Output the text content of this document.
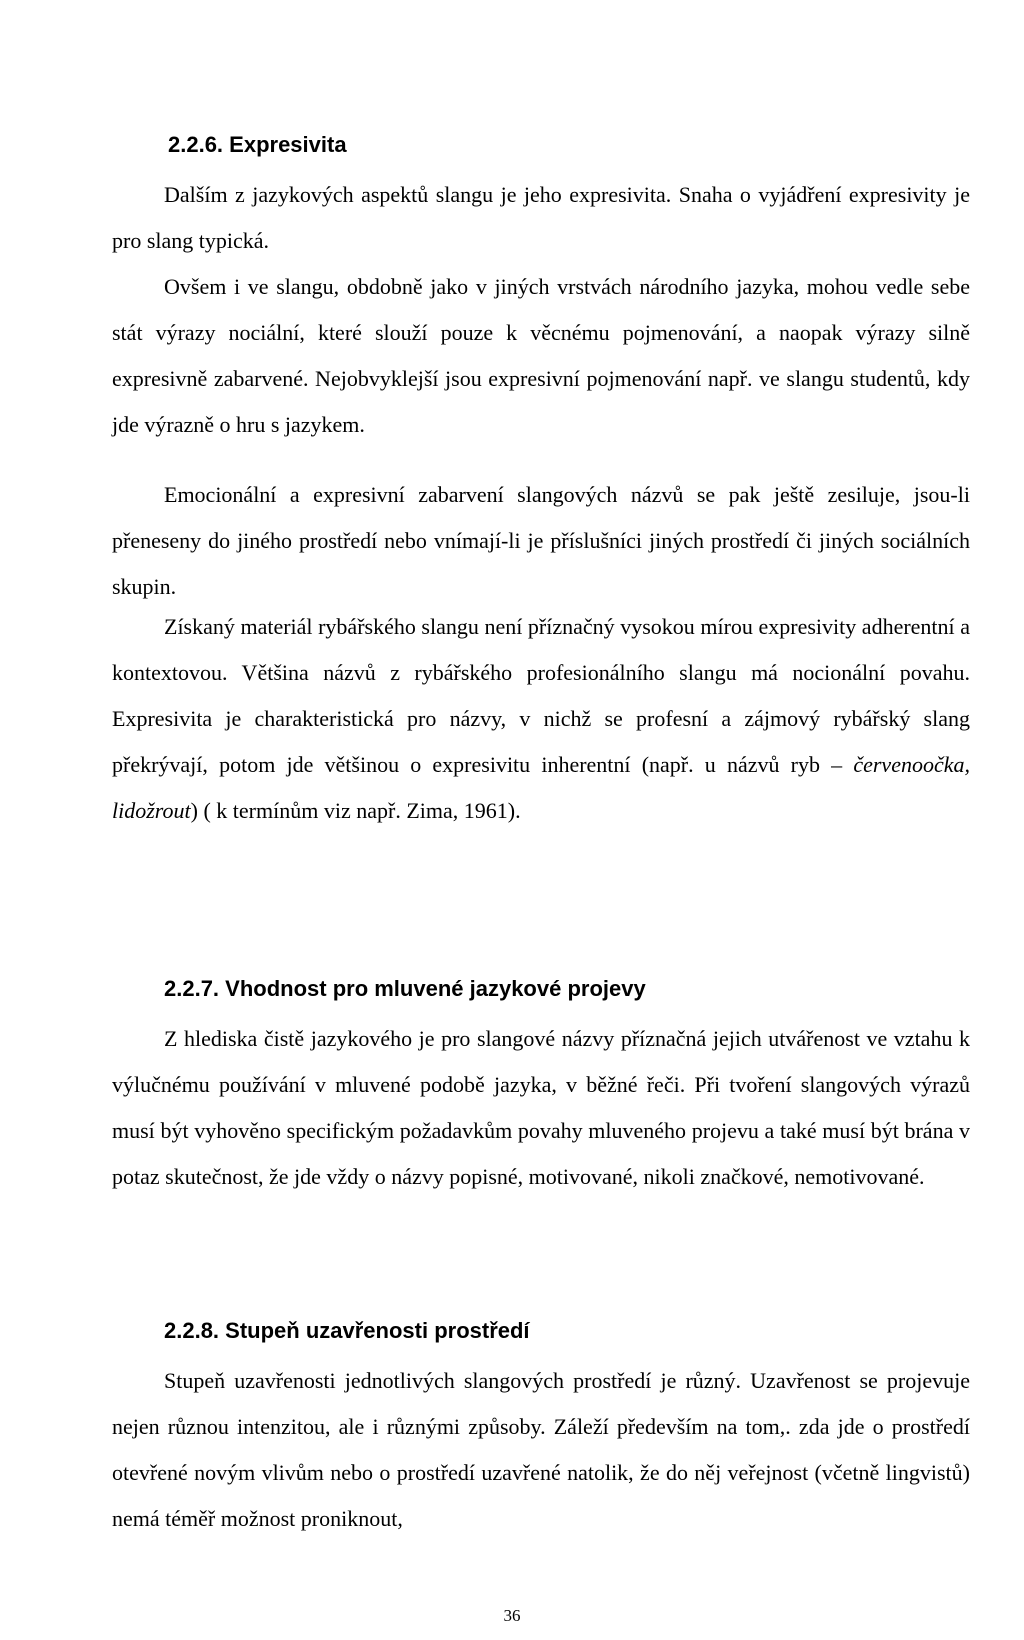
2.2.6. Expresivita

Dalším z jazykových aspektů slangu je jeho expresivita. Snaha o vyjádření expresivity je pro slang typická.

Ovšem i ve slangu, obdobně jako v jiných vrstvách národního jazyka, mohou vedle sebe stát výrazy nociální, které slouží pouze k věcnému pojmenování, a naopak výrazy silně expresivně zabarvené. Nejobvyklejší jsou expresivní pojmenování např. ve slangu studentů, kdy jde výrazně o hru s jazykem.

Emocionální a expresivní zabarvení slangových názvů se pak ještě zesiluje, jsou-li přeneseny do jiného prostředí nebo vnímají-li je příslušníci jiných prostředí či jiných sociálních skupin.

Získaný materiál rybářského slangu není příznačný vysokou mírou expresivity adherentní a kontextovou. Většina názvů z rybářského profesionálního slangu má nocionální povahu. Expresivita je charakteristická pro názvy, v nichž se profesní a zájmový rybářský slang překrývají, potom jde většinou o expresivitu inherentní (např. u názvů ryb – červenoočka, lidožrout) ( k termínům viz např. Zima, 1961).

2.2.7. Vhodnost pro mluvené jazykové projevy

Z hlediska čistě jazykového je pro slangové názvy příznačná jejich utvářenost ve vztahu k výlučnému používání v mluvené podobě jazyka, v běžné řeči. Při tvoření slangových výrazů musí být vyhověno specifickým požadavkům povahy mluveného projevu a také musí být brána v potaz skutečnost, že jde vždy o názvy popisné, motivované, nikoli značkové, nemotivované.

2.2.8. Stupeň uzavřenosti prostředí

Stupeň uzavřenosti jednotlivých slangových prostředí je různý. Uzavřenost se projevuje nejen různou intenzitou, ale i různými způsoby. Záleží především na tom,. zda jde o prostředí otevřené novým vlivům nebo o prostředí uzavřené natolik, že do něj veřejnost (včetně lingvistů) nemá téměř možnost proniknout,

36
